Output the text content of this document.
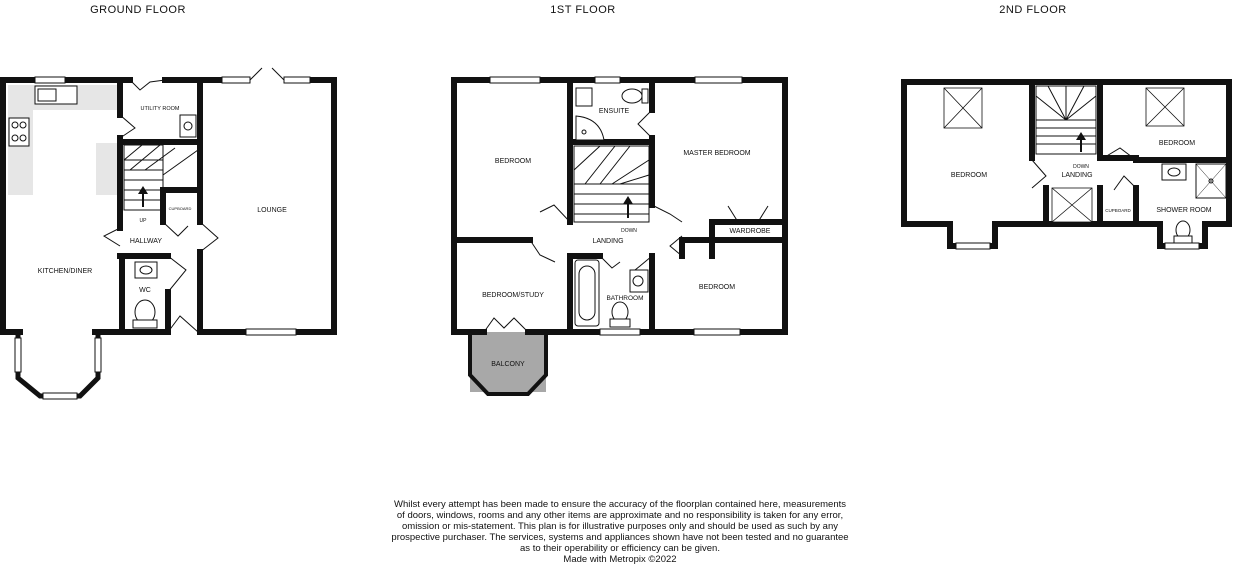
GROUND FLOOR	1ST FLOOR	2ND FLOOR
LOUNGE
UTILITY ROOM
KITCHEN/DINER
HALLWAY
CUPBOARD
WC
UP
BEDROOM
ENSUITE
MASTER BEDROOM
LANDING
DOWN
CUPBOARD
WARDROBE
BEDROOM/STUDY	BATHROOM
BEDROOM
BALCONY
BEDROOM
BEDROOM
LANDING
DOWN
CUPBOARD	SHOWER ROOM
Whilst every attempt has been made to ensure the accuracy of the floorplan contained here, measurements
of doors, windows, rooms and any other items are approximate and no responsibility is taken for any error,
omission or mis-statement. This plan is for illustrative purposes only and should be used as such by any
prospective purchaser. The services, systems and appliances shown have not been tested and no guarantee
as to their operability or efficiency can be given.
Made with Metropix ©2022
